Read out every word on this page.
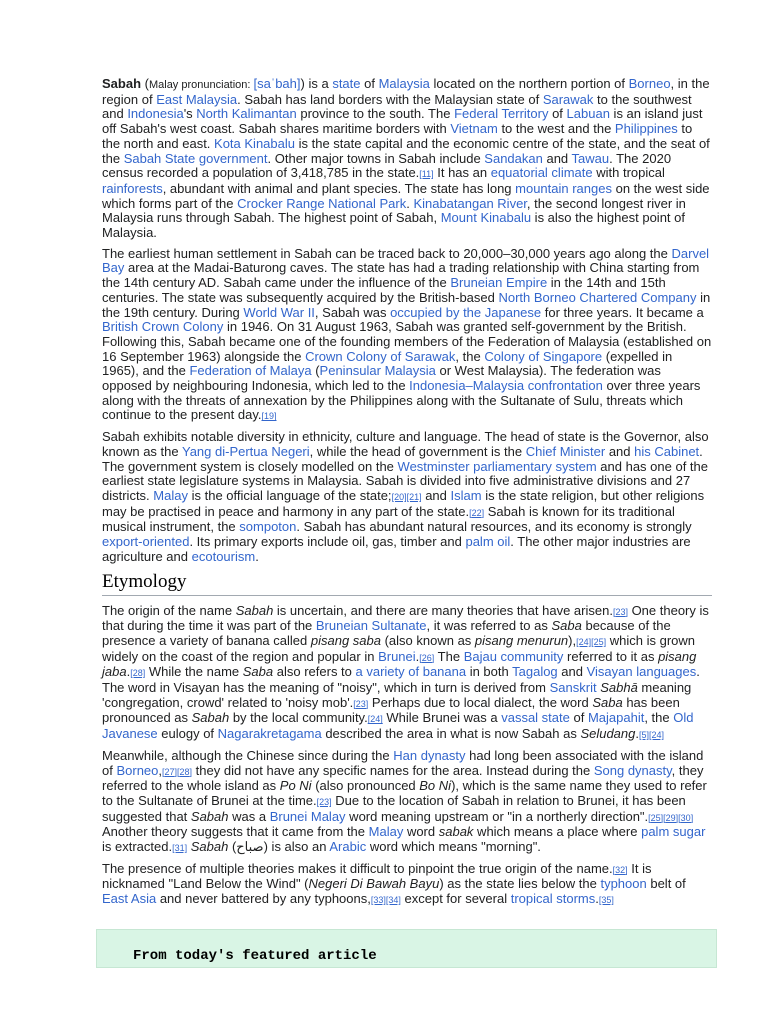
Sabah (Malay pronunciation: [saˈbah]) is a state of Malaysia located on the northern portion of Borneo, in the region of East Malaysia. Sabah has land borders with the Malaysian state of Sarawak to the southwest and Indonesia's North Kalimantan province to the south. The Federal Territory of Labuan is an island just off Sabah's west coast. Sabah shares maritime borders with Vietnam to the west and the Philippines to the north and east. Kota Kinabalu is the state capital and the economic centre of the state, and the seat of the Sabah State government. Other major towns in Sabah include Sandakan and Tawau. The 2020 census recorded a population of 3,418,785 in the state.[11] It has an equatorial climate with tropical rainforests, abundant with animal and plant species. The state has long mountain ranges on the west side which forms part of the Crocker Range National Park. Kinabatangan River, the second longest river in Malaysia runs through Sabah. The highest point of Sabah, Mount Kinabalu is also the highest point of Malaysia.

The earliest human settlement in Sabah can be traced back to 20,000–30,000 years ago along the Darvel Bay area at the Madai-Baturong caves. The state has had a trading relationship with China starting from the 14th century AD. Sabah came under the influence of the Bruneian Empire in the 14th and 15th centuries. The state was subsequently acquired by the British-based North Borneo Chartered Company in the 19th century. During World War II, Sabah was occupied by the Japanese for three years. It became a British Crown Colony in 1946. On 31 August 1963, Sabah was granted self-government by the British. Following this, Sabah became one of the founding members of the Federation of Malaysia (established on 16 September 1963) alongside the Crown Colony of Sarawak, the Colony of Singapore (expelled in 1965), and the Federation of Malaya (Peninsular Malaysia or West Malaysia). The federation was opposed by neighbouring Indonesia, which led to the Indonesia–Malaysia confrontation over three years along with the threats of annexation by the Philippines along with the Sultanate of Sulu, threats which continue to the present day.[19]

Sabah exhibits notable diversity in ethnicity, culture and language. The head of state is the Governor, also known as the Yang di-Pertua Negeri, while the head of government is the Chief Minister and his Cabinet. The government system is closely modelled on the Westminster parliamentary system and has one of the earliest state legislature systems in Malaysia. Sabah is divided into five administrative divisions and 27 districts. Malay is the official language of the state;[20][21] and Islam is the state religion, but other religions may be practised in peace and harmony in any part of the state.[22] Sabah is known for its traditional musical instrument, the sompoton. Sabah has abundant natural resources, and its economy is strongly export-oriented. Its primary exports include oil, gas, timber and palm oil. The other major industries are agriculture and ecotourism.

Etymology

The origin of the name Sabah is uncertain, and there are many theories that have arisen.[23] One theory is that during the time it was part of the Bruneian Sultanate, it was referred to as Saba because of the presence a variety of banana called pisang saba (also known as pisang menurun),[24][25] which is grown widely on the coast of the region and popular in Brunei.[26] The Bajau community referred to it as pisang jaba.[28] While the name Saba also refers to a variety of banana in both Tagalog and Visayan languages. The word in Visayan has the meaning of "noisy", which in turn is derived from Sanskrit Sabhā meaning 'congregation, crowd' related to 'noisy mob'.[23] Perhaps due to local dialect, the word Saba has been pronounced as Sabah by the local community.[24] While Brunei was a vassal state of Majapahit, the Old Javanese eulogy of Nagarakretagama described the area in what is now Sabah as Seludang.[5][24]

Meanwhile, although the Chinese since during the Han dynasty had long been associated with the island of Borneo,[27][28] they did not have any specific names for the area. Instead during the Song dynasty, they referred to the whole island as Po Ni (also pronounced Bo Ni), which is the same name they used to refer to the Sultanate of Brunei at the time.[23] Due to the location of Sabah in relation to Brunei, it has been suggested that Sabah was a Brunei Malay word meaning upstream or "in a northerly direction".[25][29][30] Another theory suggests that it came from the Malay word sabak which means a place where palm sugar is extracted.[31] Sabah (صباح) is also an Arabic word which means "morning".

The presence of multiple theories makes it difficult to pinpoint the true origin of the name.[32] It is nicknamed "Land Below the Wind" (Negeri Di Bawah Bayu) as the state lies below the typhoon belt of East Asia and never battered by any typhoons,[33][34] except for several tropical storms.[35]

From today's featured article
